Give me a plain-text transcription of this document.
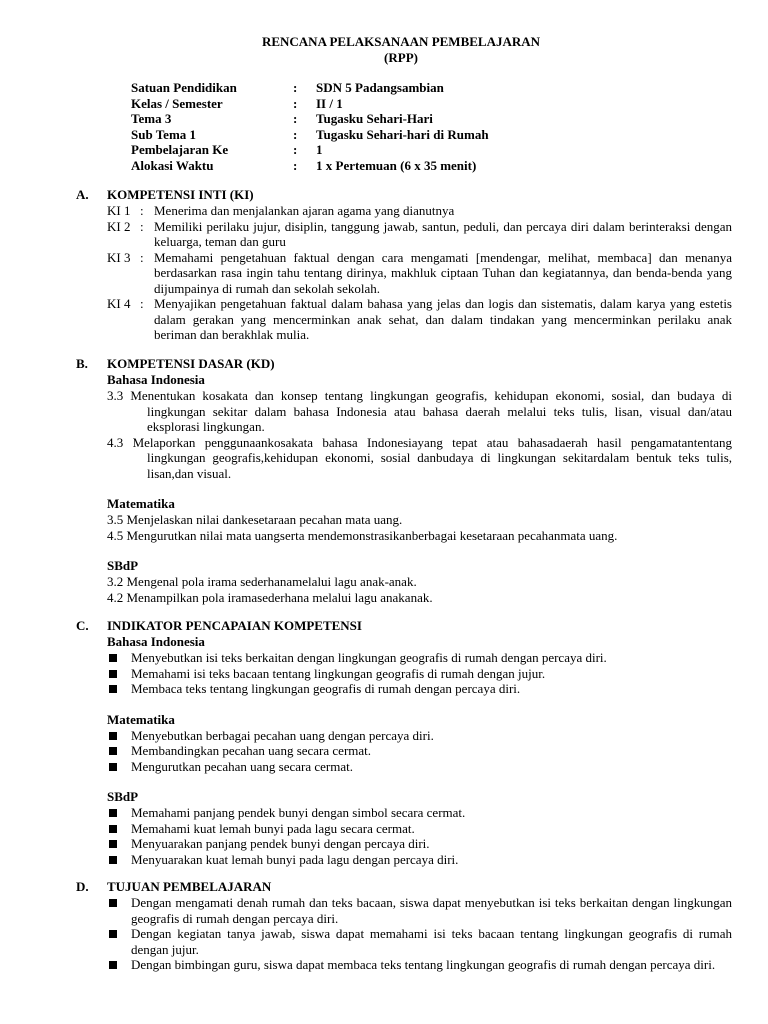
RENCANA PELAKSANAAN PEMBELAJARAN
(RPP)
Satuan Pendidikan	:	SDN 5 Padangsambian
Kelas / Semester	:	II / 1
Tema 3	:	Tugasku Sehari-Hari
Sub Tema 1	:	Tugasku Sehari-hari di Rumah
Pembelajaran Ke	:	1
Alokasi Waktu	:	1 x Pertemuan (6 x 35 menit)
A.	KOMPETENSI INTI (KI)
KI 1 : Menerima dan menjalankan ajaran agama yang dianutnya
KI 2 : Memiliki perilaku jujur, disiplin, tanggung jawab, santun, peduli, dan percaya diri dalam berinteraksi dengan keluarga, teman dan guru
KI 3 : Memahami pengetahuan faktual dengan cara mengamati [mendengar, melihat, membaca] dan menanya berdasarkan rasa ingin tahu tentang dirinya, makhluk ciptaan Tuhan dan kegiatannya, dan benda-benda yang dijumpainya di rumah dan sekolah sekolah.
KI 4 : Menyajikan pengetahuan faktual dalam bahasa yang jelas dan logis dan sistematis, dalam karya yang estetis dalam gerakan yang mencerminkan anak sehat, dan dalam tindakan yang mencerminkan perilaku anak beriman dan berakhlak mulia.
B.	KOMPETENSI DASAR (KD)
Bahasa Indonesia
3.3 Menentukan kosakata dan konsep tentang lingkungan geografis, kehidupan ekonomi, sosial, dan budaya di lingkungan sekitar dalam bahasa Indonesia atau bahasa daerah melalui teks tulis, lisan, visual dan/atau eksplorasi lingkungan.
4.3 Melaporkan penggunaankosakata bahasa Indonesiayang tepat atau bahasadaerah hasil pengamatantentang lingkungan geografis,kehidupan ekonomi, sosial danbudaya di lingkungan sekitardalam bentuk teks tulis, lisan,dan visual.
Matematika
3.5 Menjelaskan nilai dankesetaraan pecahan mata uang.
4.5 Mengurutkan nilai mata uangserta mendemonstrasikanberbagai kesetaraan pecahanmata uang.
SBdP
3.2 Mengenal pola irama sederhanamelalui lagu anak-anak.
4.2 Menampilkan pola iramasederhana melalui lagu anakanak.
C.	INDIKATOR PENCAPAIAN KOMPETENSI
Bahasa Indonesia
Menyebutkan isi teks berkaitan dengan lingkungan geografis di rumah dengan percaya diri.
Memahami isi teks bacaan tentang lingkungan geografis di rumah dengan jujur.
Membaca teks tentang lingkungan geografis di rumah dengan percaya diri.
Matematika
Menyebutkan berbagai pecahan uang dengan percaya diri.
Membandingkan pecahan uang secara cermat.
Mengurutkan pecahan uang secara cermat.
SBdP
Memahami panjang pendek bunyi dengan simbol secara cermat.
Memahami kuat lemah bunyi pada lagu secara cermat.
Menyuarakan panjang pendek bunyi dengan percaya diri.
Menyuarakan kuat lemah bunyi pada lagu dengan percaya diri.
D.	TUJUAN PEMBELAJARAN
Dengan mengamati denah rumah dan teks bacaan, siswa dapat menyebutkan isi teks berkaitan dengan lingkungan geografis di rumah dengan percaya diri.
Dengan kegiatan tanya jawab, siswa dapat memahami isi teks bacaan tentang lingkungan geografis di rumah dengan jujur.
Dengan bimbingan guru, siswa dapat membaca teks tentang lingkungan geografis di rumah dengan percaya diri.
